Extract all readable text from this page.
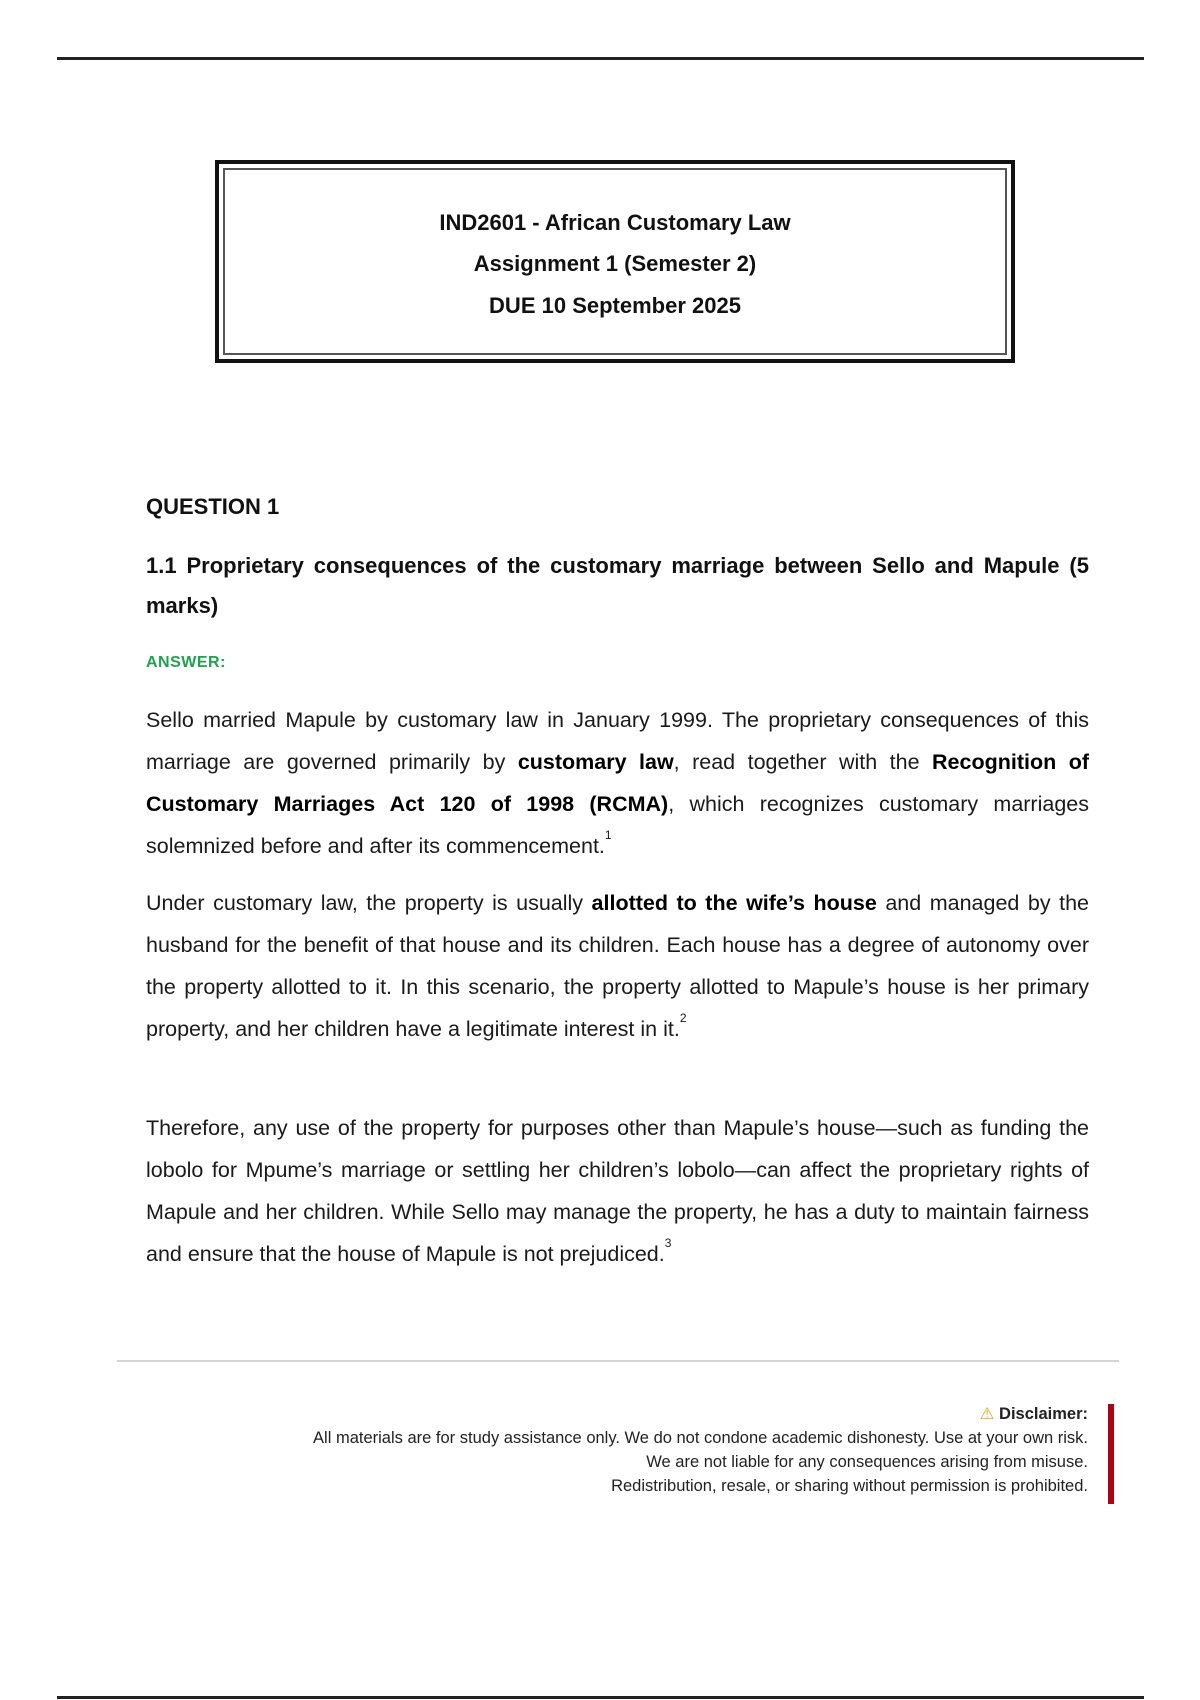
IND2601 - African Customary Law
Assignment 1 (Semester 2)
DUE 10 September 2025
QUESTION 1
1.1 Proprietary consequences of the customary marriage between Sello and Mapule (5 marks)
ANSWER:
Sello married Mapule by customary law in January 1999. The proprietary consequences of this marriage are governed primarily by customary law, read together with the Recognition of Customary Marriages Act 120 of 1998 (RCMA), which recognizes customary marriages solemnized before and after its commencement.$^1$
Under customary law, the property is usually allotted to the wife’s house and managed by the husband for the benefit of that house and its children. Each house has a degree of autonomy over the property allotted to it. In this scenario, the property allotted to Mapule’s house is her primary property, and her children have a legitimate interest in it.$^2$
Therefore, any use of the property for purposes other than Mapule’s house—such as funding the lobolo for Mpume’s marriage or settling her children’s lobolo—can affect the proprietary rights of Mapule and her children. While Sello may manage the property, he has a duty to maintain fairness and ensure that the house of Mapule is not prejudiced.$^3$
⚠ Disclaimer:
All materials are for study assistance only. We do not condone academic dishonesty. Use at your own risk.
We are not liable for any consequences arising from misuse.
Redistribution, resale, or sharing without permission is prohibited.
